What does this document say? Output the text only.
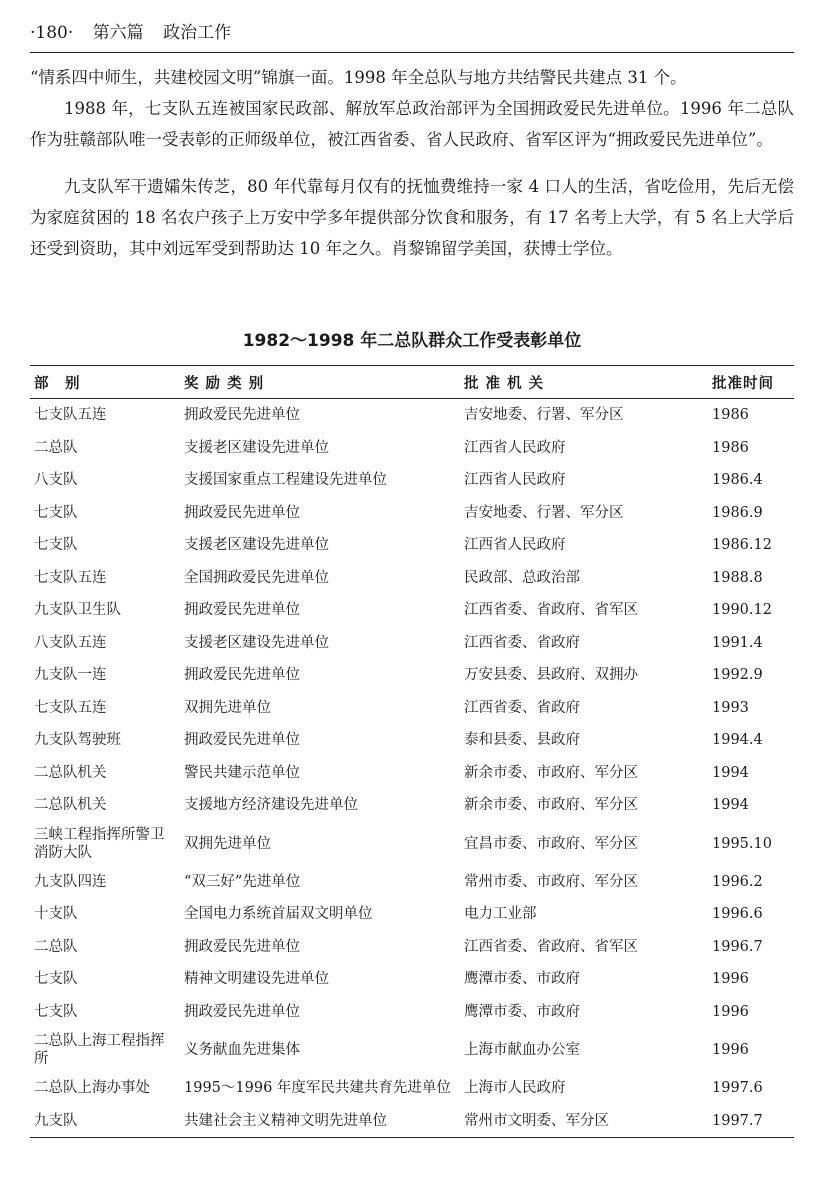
·180· 第六篇 政治工作

“情系四中师生，共建校园文明”锦旗一面。1998 年全总队与地方共结警民共建点 31 个。

1988 年，七支队五连被国家民政部、解放军总政治部评为全国拥政爱民先进单位。1996 年二总队作为驻赣部队唯一受表彰的正师级单位，被江西省委、省人民政府、省军区评为“拥政爱民先进单位”。

九支队军干遗孀朱传芝，80 年代靠每月仅有的抚恤费维持一家 4 口人的生活，省吃俭用，先后无偿为家庭贫困的 18 名农户孩子上万安中学多年提供部分饮食和服务，有 17 名考上大学，有 5 名上大学后还受到资助，其中刘远军受到帮助达 10 年之久。肖黎锦留学美国，获博士学位。

1982～1998 年二总队群众工作受表彰单位
部　别	奖 励 类 别	批 准 机 关	批准时间
七支队五连	拥政爱民先进单位	吉安地委、行署、军分区	1986
二总队	支援老区建设先进单位	江西省人民政府	1986
八支队	支援国家重点工程建设先进单位	江西省人民政府	1986.4
七支队	拥政爱民先进单位	吉安地委、行署、军分区	1986.9
七支队	支援老区建设先进单位	江西省人民政府	1986.12
七支队五连	全国拥政爱民先进单位	民政部、总政治部	1988.8
九支队卫生队	拥政爱民先进单位	江西省委、省政府、省军区	1990.12
八支队五连	支援老区建设先进单位	江西省委、省政府	1991.4
九支队一连	拥政爱民先进单位	万安县委、县政府、双拥办	1992.9
七支队五连	双拥先进单位	江西省委、省政府	1993
九支队驾驶班	拥政爱民先进单位	泰和县委、县政府	1994.4
二总队机关	警民共建示范单位	新余市委、市政府、军分区	1994
二总队机关	支援地方经济建设先进单位	新余市委、市政府、军分区	1994
三峡工程指挥所警卫消防大队	双拥先进单位	宜昌市委、市政府、军分区	1995.10
九支队四连	“双三好”先进单位	常州市委、市政府、军分区	1996.2
十支队	全国电力系统首届双文明单位	电力工业部	1996.6
二总队	拥政爱民先进单位	江西省委、省政府、省军区	1996.7
七支队	精神文明建设先进单位	鹰潭市委、市政府	1996
七支队	拥政爱民先进单位	鹰潭市委、市政府	1996
二总队上海工程指挥所	义务献血先进集体	上海市献血办公室	1996
二总队上海办事处	1995～1996 年度军民共建共育先进单位	上海市人民政府	1997.6
九支队	共建社会主义精神文明先进单位	常州市文明委、军分区	1997.7
